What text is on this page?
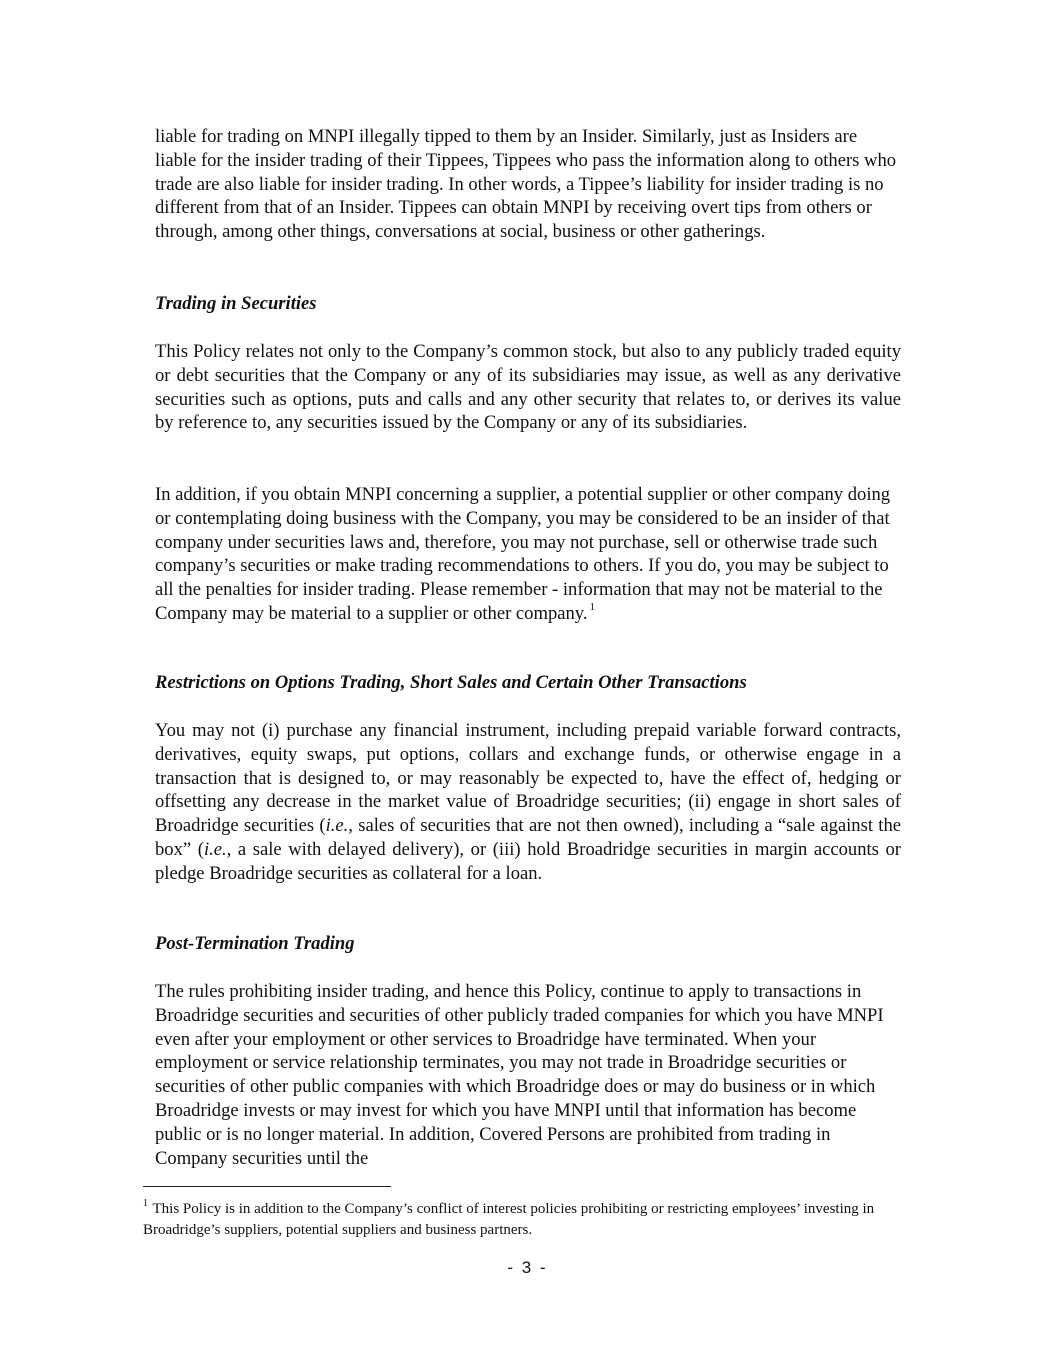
liable for trading on MNPI illegally tipped to them by an Insider. Similarly, just as Insiders are liable for the insider trading of their Tippees, Tippees who pass the information along to others who trade are also liable for insider trading. In other words, a Tippee’s liability for insider trading is no different from that of an Insider. Tippees can obtain MNPI by receiving overt tips from others or through, among other things, conversations at social, business or other gatherings.

Trading in Securities

This Policy relates not only to the Company’s common stock, but also to any publicly traded equity or debt securities that the Company or any of its subsidiaries may issue, as well as any derivative securities such as options, puts and calls and any other security that relates to, or derives its value by reference to, any securities issued by the Company or any of its subsidiaries.

In addition, if you obtain MNPI concerning a supplier, a potential supplier or other company doing or contemplating doing business with the Company, you may be considered to be an insider of that company under securities laws and, therefore, you may not purchase, sell or otherwise trade such company’s securities or make trading recommendations to others. If you do, you may be subject to all the penalties for insider trading. Please remember - information that may not be material to the Company may be material to a supplier or other company. $^1$

Restrictions on Options Trading, Short Sales and Certain Other Transactions

You may not (i) purchase any financial instrument, including prepaid variable forward contracts, derivatives, equity swaps, put options, collars and exchange funds, or otherwise engage in a transaction that is designed to, or may reasonably be expected to, have the effect of, hedging or offsetting any decrease in the market value of Broadridge securities; (ii) engage in short sales of Broadridge securities (i.e., sales of securities that are not then owned), including a “sale against the box” (i.e., a sale with delayed delivery), or (iii) hold Broadridge securities in margin accounts or pledge Broadridge securities as collateral for a loan.

Post-Termination Trading

The rules prohibiting insider trading, and hence this Policy, continue to apply to transactions in Broadridge securities and securities of other publicly traded companies for which you have MNPI even after your employment or other services to Broadridge have terminated. When your employment or service relationship terminates, you may not trade in Broadridge securities or securities of other public companies with which Broadridge does or may do business or in which Broadridge invests or may invest for which you have MNPI until that information has become public or is no longer material. In addition, Covered Persons are prohibited from trading in Company securities until the

$^1$ This Policy is in addition to the Company’s conflict of interest policies prohibiting or restricting employees’ investing in Broadridge’s suppliers, potential suppliers and business partners.

- 3 -
